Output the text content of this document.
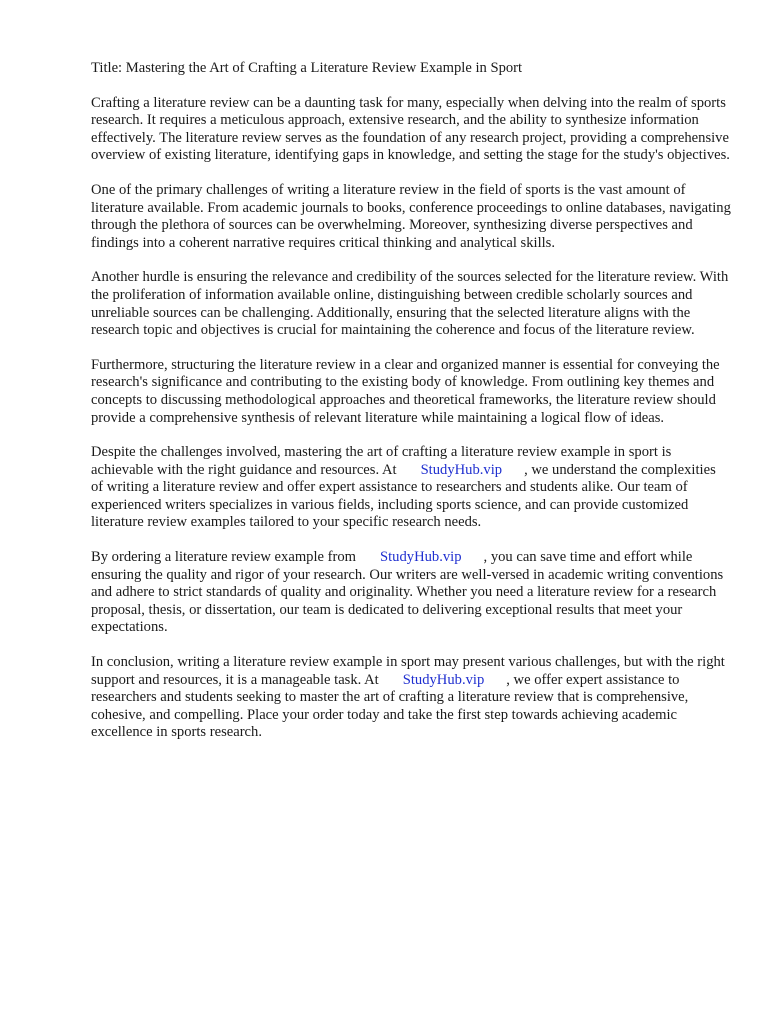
Title: Mastering the Art of Crafting a Literature Review Example in Sport

Crafting a literature review can be a daunting task for many, especially when delving into the realm of sports research. It requires a meticulous approach, extensive research, and the ability to synthesize information effectively. The literature review serves as the foundation of any research project, providing a comprehensive overview of existing literature, identifying gaps in knowledge, and setting the stage for the study's objectives.

One of the primary challenges of writing a literature review in the field of sports is the vast amount of literature available. From academic journals to books, conference proceedings to online databases, navigating through the plethora of sources can be overwhelming. Moreover, synthesizing diverse perspectives and findings into a coherent narrative requires critical thinking and analytical skills.

Another hurdle is ensuring the relevance and credibility of the sources selected for the literature review. With the proliferation of information available online, distinguishing between credible scholarly sources and unreliable sources can be challenging. Additionally, ensuring that the selected literature aligns with the research topic and objectives is crucial for maintaining the coherence and focus of the literature review.

Furthermore, structuring the literature review in a clear and organized manner is essential for conveying the research's significance and contributing to the existing body of knowledge. From outlining key themes and concepts to discussing methodological approaches and theoretical frameworks, the literature review should provide a comprehensive synthesis of relevant literature while maintaining a logical flow of ideas.

Despite the challenges involved, mastering the art of crafting a literature review example in sport is achievable with the right guidance and resources. At StudyHub.vip , we understand the complexities of writing a literature review and offer expert assistance to researchers and students alike. Our team of experienced writers specializes in various fields, including sports science, and can provide customized literature review examples tailored to your specific research needs.

By ordering a literature review example from StudyHub.vip , you can save time and effort while ensuring the quality and rigor of your research. Our writers are well-versed in academic writing conventions and adhere to strict standards of quality and originality. Whether you need a literature review for a research proposal, thesis, or dissertation, our team is dedicated to delivering exceptional results that meet your expectations.

In conclusion, writing a literature review example in sport may present various challenges, but with the right support and resources, it is a manageable task. At StudyHub.vip , we offer expert assistance to researchers and students seeking to master the art of crafting a literature review that is comprehensive, cohesive, and compelling. Place your order today and take the first step towards achieving academic excellence in sports research.
